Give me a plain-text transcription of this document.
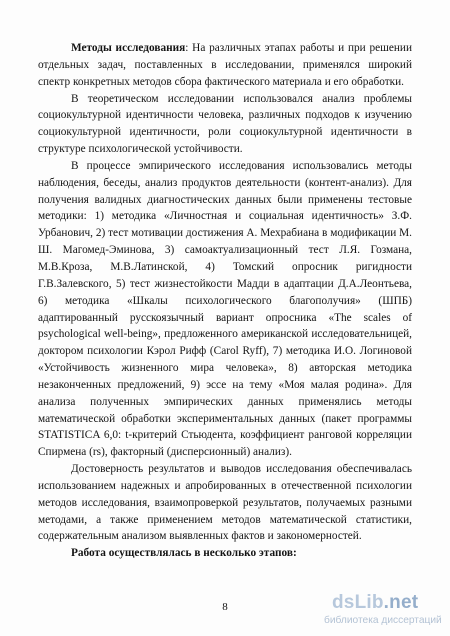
Методы исследования: На различных этапах работы и при решении отдельных задач, поставленных в исследовании, применялся широкий спектр конкретных методов сбора фактического материала и его обработки.

В теоретическом исследовании использовался анализ проблемы социокультурной идентичности человека, различных подходов к изучению социокультурной идентичности, роли социокультурной идентичности в структуре психологической устойчивости.

В процессе эмпирического исследования использовались методы наблюдения, беседы, анализ продуктов деятельности (контент-анализ). Для получения валидных диагностических данных были применены тестовые методики: 1) методика «Личностная и социальная идентичность» З.Ф. Урбанович, 2) тест мотивации достижения А. Мехрабиана в модификации М. Ш. Магомед-Эминова, 3) самоактуализационный тест Л.Я. Гозмана, М.В.Кроза, М.В.Латинской, 4) Томский опросник ригидности Г.В.Залевского, 5) тест жизнестойкости Мадди в адаптации Д.А.Леонтьева, 6) методика «Шкалы психологического благополучия» (ШПБ) адаптированный русскоязычный вариант опросника «The scales of psychological well-being», предложенного американской исследовательницей, доктором психологии Кэрол Рифф (Carol Ryff), 7) методика И.О. Логиновой «Устойчивость жизненного мира человека», 8) авторская методика незаконченных предложений, 9) эссе на тему «Моя малая родина». Для анализа полученных эмпирических данных применялись методы математической обработки экспериментальных данных (пакет программы STATISTICA 6,0: t-критерий Стьюдента, коэффициент ранговой корреляции Спирмена (rs), факторный (дисперсионный) анализ).

Достоверность результатов и выводов исследования обеспечивалась использованием надежных и апробированных в отечественной психологии методов исследования, взаимопроверкой результатов, получаемых разными методами, а также применением методов математической статистики, содержательным анализом выявленных фактов и закономерностей.

Работа осуществлялась в несколько этапов:

8	dsLib.net
библиотека диссертаций
